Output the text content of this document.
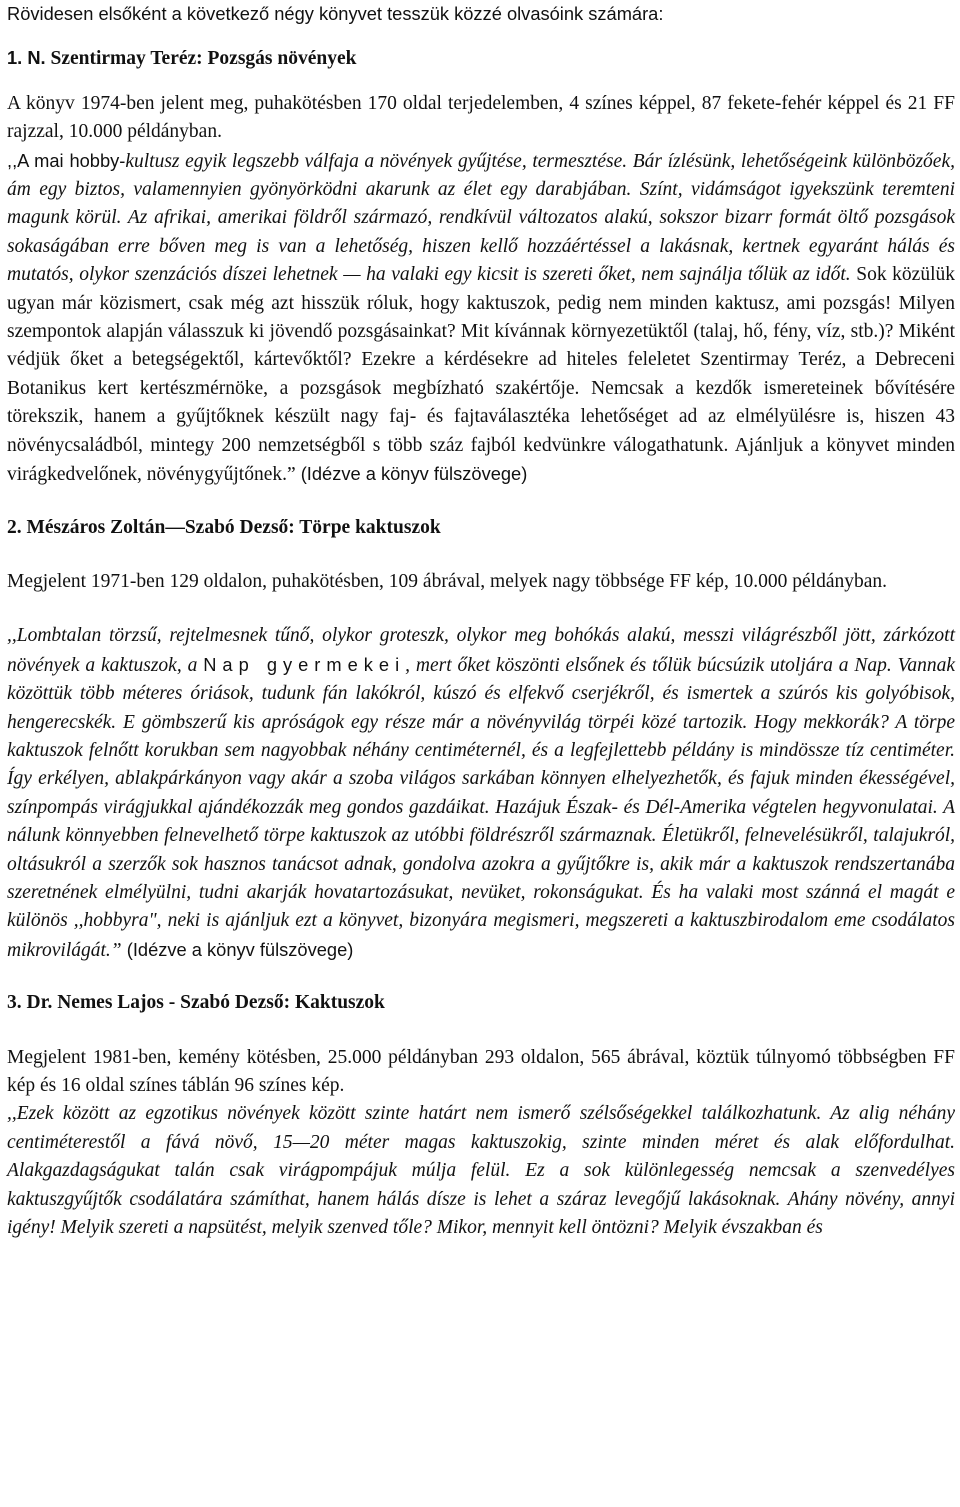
Rövidesen elsőként a következő négy könyvet tesszük közzé olvasóink számára:

1. N. Szentirmay Teréz: Pozsgás növények

A könyv 1974-ben jelent meg, puhakötésben 170 oldal terjedelemben, 4 színes képpel, 87 fekete-fehér képpel és 21 FF rajzzal, 10.000 példányban.
,,A mai hobby-kultusz egyik legszebb válfaja a növények gyűjtése, termesztése. Bár ízlésünk, lehetőségeink különbözőek, ám egy biztos, valamennyien gyönyörködni akarunk az élet egy darabjában. Színt, vidámságot igyekszünk teremteni magunk körül. Az afrikai, amerikai földről származó, rendkívül változatos alakú, sokszor bizarr formát öltő pozsgások sokaságában erre bőven meg is van a lehetőség, hiszen kellő hozzáértéssel a lakásnak, kertnek egyaránt hálás és mutatós, olykor szenzációs díszei lehetnek — ha valaki egy kicsit is szereti őket, nem sajnálja tőlük az időt. Sok közülük ugyan már közismert, csak még azt hisszük róluk, hogy kaktuszok, pedig nem minden kaktusz, ami pozsgás! Milyen szempontok alapján válasszuk ki jövendő pozsgásainkat? Mit kívánnak környezetüktől (talaj, hő, fény, víz, stb.)? Miként védjük őket a betegségektől, kártevőktől? Ezekre a kérdésekre ad hiteles feleletet Szentirmay Teréz, a Debreceni Botanikus kert kertészmérnöke, a pozsgások megbízható szakértője. Nemcsak a kezdők ismereteinek bővítésére törekszik, hanem a gyűjtőknek készült nagy faj- és fajtaválasztéka lehetőséget ad az elmélyülésre is, hiszen 43 növénycsaládból, mintegy 200 nemzetségből s több száz fajból kedvünkre válogathatunk. Ajánljuk a könyvet minden virágkedvelőnek, növénygyűjtőnek.” (Idézve a könyv fülszövege)

2. Mészáros Zoltán—Szabó Dezső: Törpe kaktuszok

Megjelent 1971-ben 129 oldalon, puhakötésben, 109 ábrával, melyek nagy többsége FF kép, 10.000 példányban.

,,Lombtalan törzsű, rejtelmesnek tűnő, olykor groteszk, olykor meg bohókás alakú, messzi világrészből jött, zárkózott növények a kaktuszok, a Nap gyermekei, mert őket köszönti elsőnek és tőlük búcsúzik utoljára a Nap. Vannak közöttük több méteres óriások, tudunk fán lakókról, kúszó és elfekvő cserjékről, és ismertek a szúrós kis golyóbisok, hengerecskék. E gömbszerű kis apróságok egy része már a növényvilág törpéi közé tartozik. Hogy mekkorák? A törpe kaktuszok felnőtt korukban sem nagyobbak néhány centiméternél, és a legfejlettebb példány is mindössze tíz centiméter. Így erkélyen, ablakpárkányon vagy akár a szoba világos sarkában könnyen elhelyezhetők, és fajuk minden ékességével, színpompás virágjukkal ajándékozzák meg gondos gazdáikat. Hazájuk Észak- és Dél-Amerika végtelen hegyvonulatai. A nálunk könnyebben felnevelhető törpe kaktuszok az utóbbi földrészről származnak. Életükről, felnevelésükről, talajukról, oltásukról a szerzők sok hasznos tanácsot adnak, gondolva azokra a gyűjtőkre is, akik már a kaktuszok rendszertanába szeretnének elmélyülni, tudni akarják hovatartozásukat, nevüket, rokonságukat. És ha valaki most szánná el magát e különös ,,hobbyra", neki is ajánljuk ezt a könyvet, bizonyára megismeri, megszereti a kaktuszbirodalom eme csodálatos mikrovilágát.” (Idézve a könyv fülszövege)

3. Dr. Nemes Lajos - Szabó Dezső: Kaktuszok

Megjelent 1981-ben, kemény kötésben, 25.000 példányban 293 oldalon, 565 ábrával, köztük túlnyomó többségben FF kép és 16 oldal színes táblán 96 színes kép.

,,Ezek között az egzotikus növények között szinte határt nem ismerő szélsőségekkel találkozhatunk. Az alig néhány centiméterestől a fává növő, 15—20 méter magas kaktuszokig, szinte minden méret és alak előfordulhat. Alakgazdagságukat talán csak virágpompájuk múlja felül. Ez a sok különlegesség nemcsak a szenvedélyes kaktuszgyűjtők csodálatára számíthat, hanem hálás dísze is lehet a száraz levegőjű lakásoknak. Ahány növény, annyi igény! Melyik szereti a napsütést, melyik szenved tőle? Mikor, mennyit kell öntözni? Melyik évszakban és
